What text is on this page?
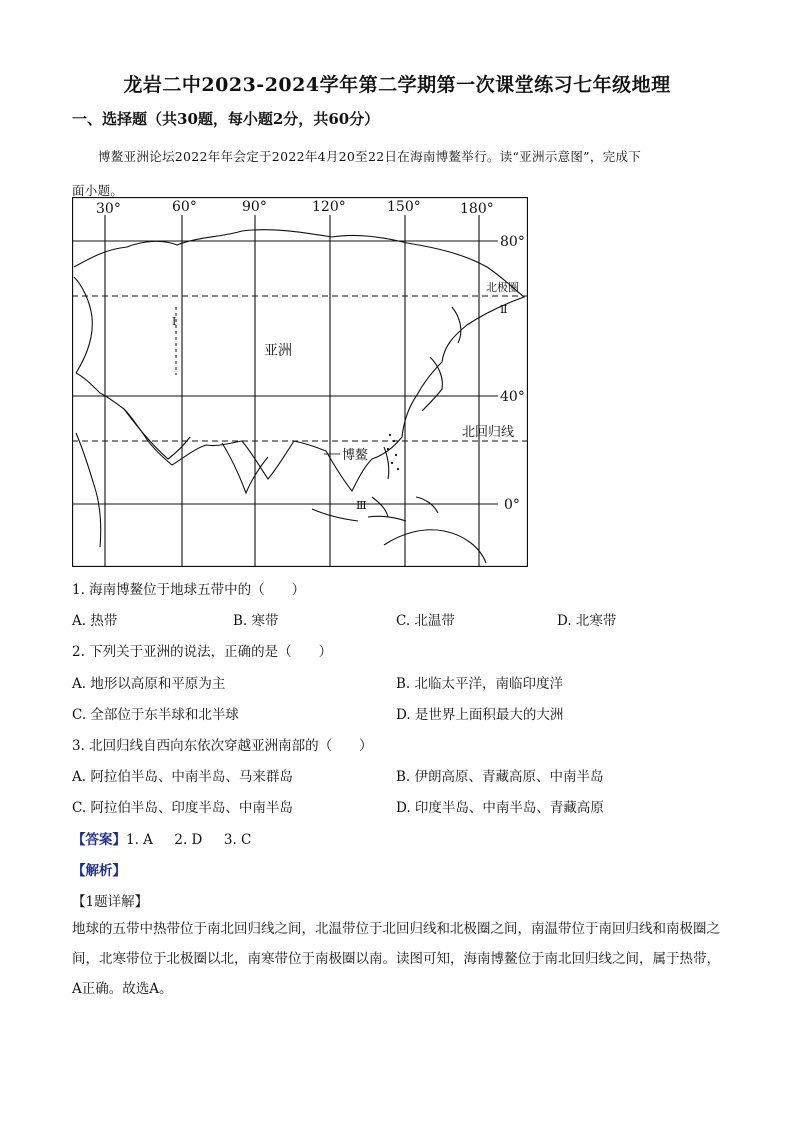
龙岩二中2023-2024学年第二学期第一次课堂练习七年级地理
一、选择题（共30题，每小题2分，共60分）
博鳌亚洲论坛2022年年会定于2022年4月20至22日在海南博鳌举行。读“亚洲示意图”，完成下
面小题。
30°	60°	90°	120°	150°	180°
80°
40°
0°
北极圈
北回归线
亚洲
博鳌
Ⅰ
Ⅱ
Ⅲ
1. 海南博鳌位于地球五带中的（　　）
A. 热带	B. 寒带	C. 北温带	D. 北寒带
2. 下列关于亚洲的说法，正确的是（　　）
A. 地形以高原和平原为主	B. 北临太平洋，南临印度洋
C. 全部位于东半球和北半球	D. 是世界上面积最大的大洲
3. 北回归线自西向东依次穿越亚洲南部的（　　）
A. 阿拉伯半岛、中南半岛、马来群岛	B. 伊朗高原、青藏高原、中南半岛
C. 阿拉伯半岛、印度半岛、中南半岛	D. 印度半岛、中南半岛、青藏高原
【答案】1. A 2. D 3. C
【解析】
【1题详解】
地球的五带中热带位于南北回归线之间，北温带位于北回归线和北极圈之间，南温带位于南回归线和南极圈之间，北寒带位于北极圈以北，南寒带位于南极圈以南。读图可知，海南博鳌位于南北回归线之间，属于热带，A正确。故选A。
